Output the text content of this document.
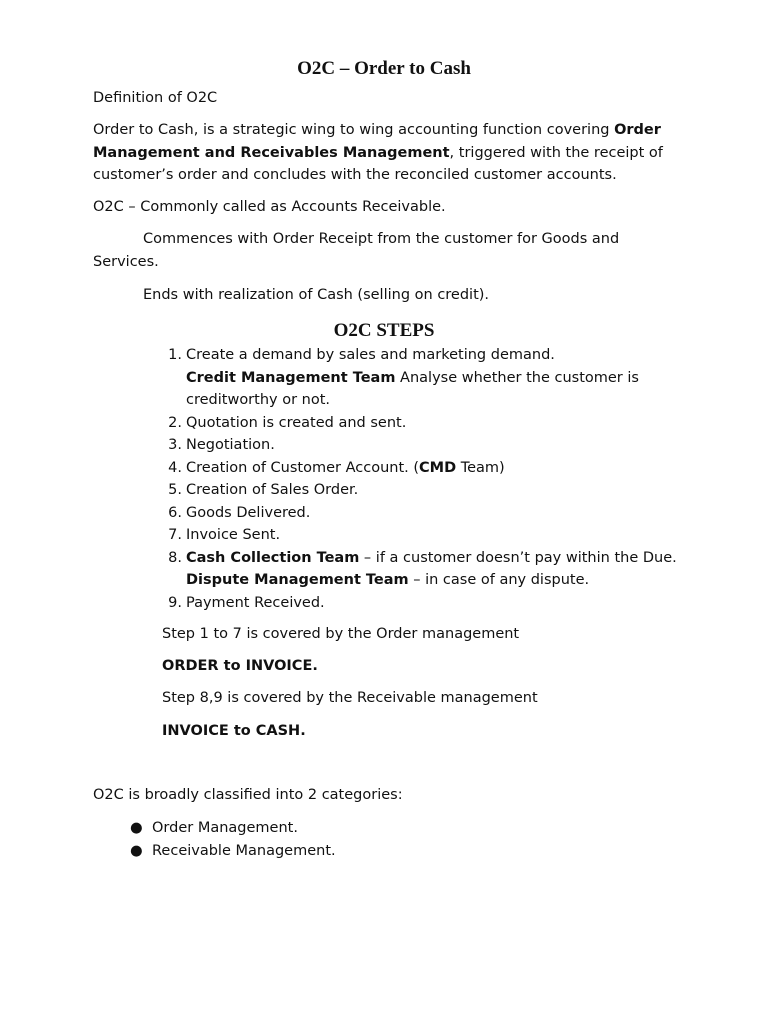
O2C – Order to Cash
Definition of O2C
Order to Cash, is a strategic wing to wing accounting function covering Order Management and Receivables Management, triggered with the receipt of customer’s order and concludes with the reconciled customer accounts.
O2C – Commonly called as Accounts Receivable.
Commences with Order Receipt from the customer for Goods and Services.
Ends with realization of Cash (selling on credit).
O2C STEPS
1. Create a demand by sales and marketing demand.
Credit Management Team Analyse whether the customer is creditworthy or not.
2. Quotation is created and sent.
3. Negotiation.
4. Creation of Customer Account. (CMD Team)
5. Creation of Sales Order.
6. Goods Delivered.
7. Invoice Sent.
8. Cash Collection Team – if a customer doesn’t pay within the Due.
Dispute Management Team – in case of any dispute.
9. Payment Received.
Step 1 to 7 is covered by the Order management
ORDER to INVOICE.
Step 8,9 is covered by the Receivable management
INVOICE to CASH.
O2C is broadly classified into 2 categories:
● Order Management.
● Receivable Management.
